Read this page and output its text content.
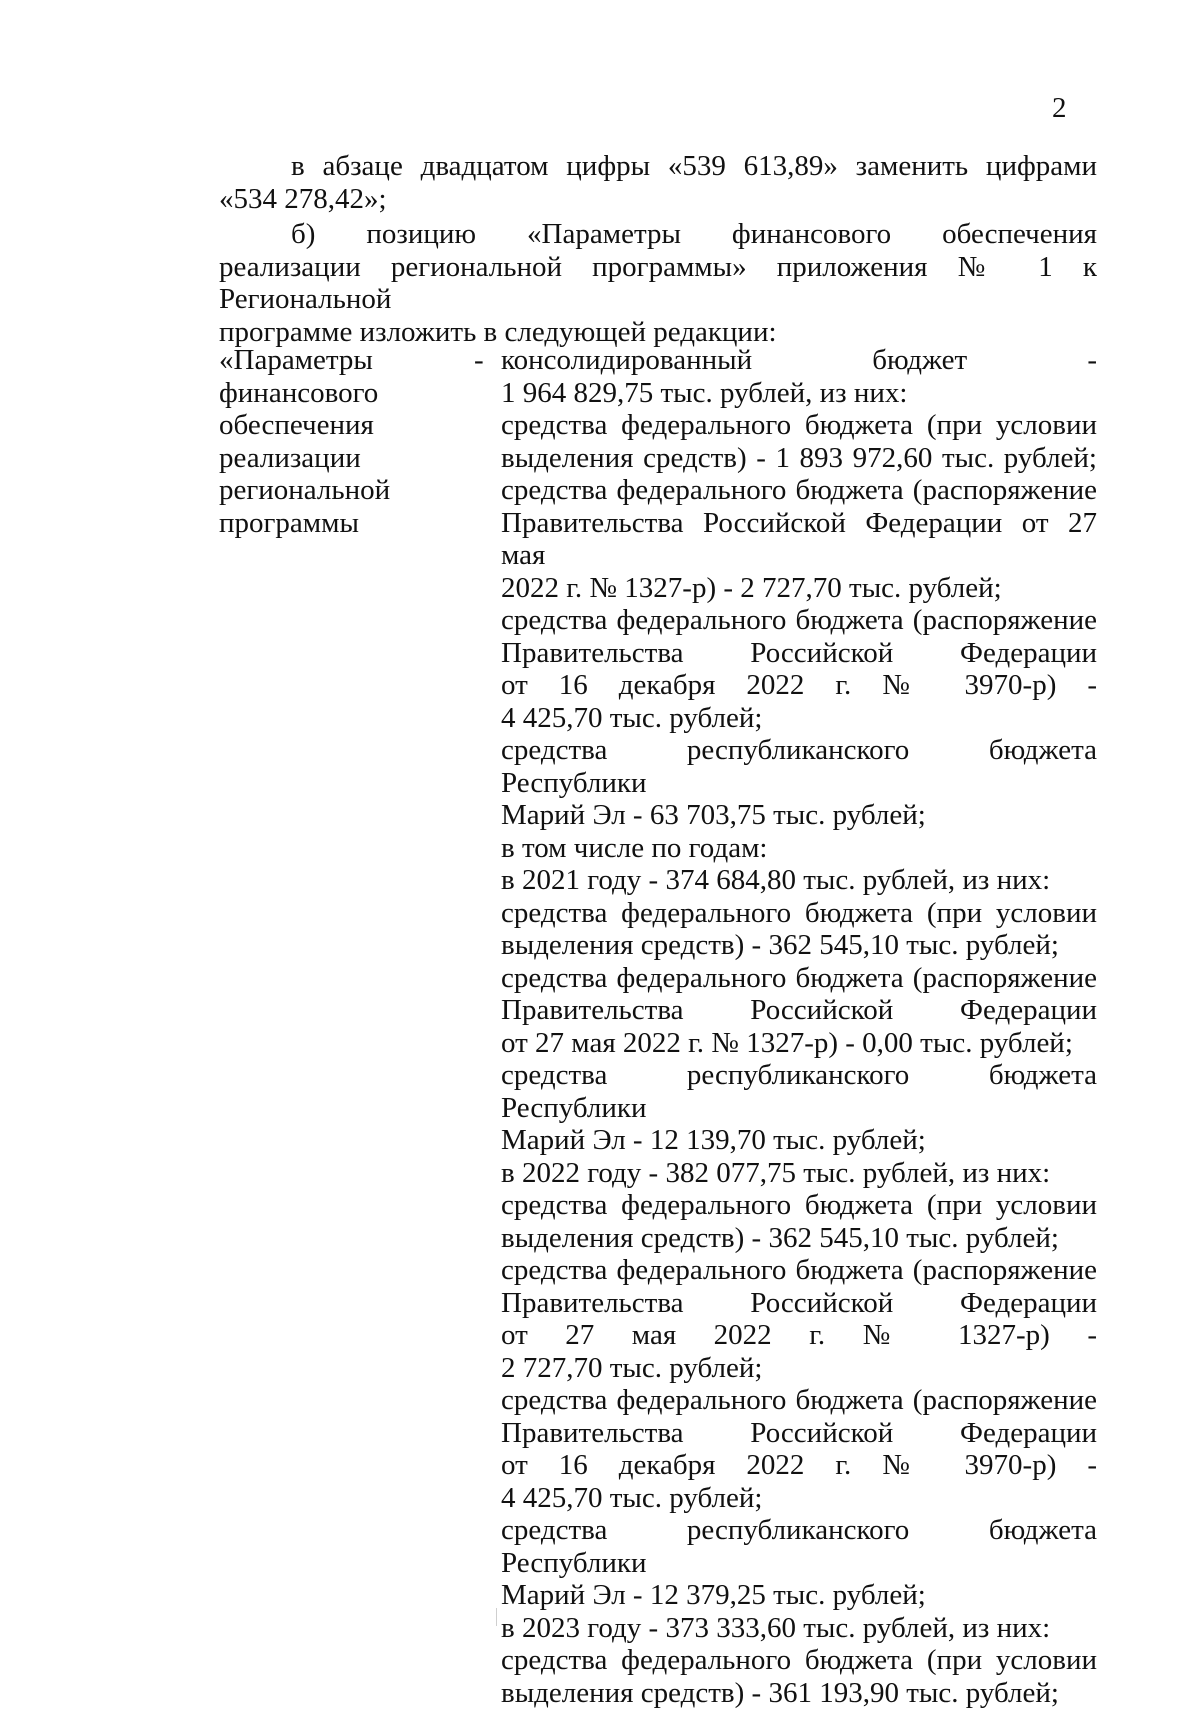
2
в абзаце двадцатом цифры «539 613,89» заменить цифрами
«534 278,42»;
б) позицию «Параметры финансового обеспечения
реализации региональной программы» приложения № 1 к Региональной
программе изложить в следующей редакции:
«Параметры
финансового
обеспечения
реализации
региональной
программы
- консолидированный бюджет -
1 964 829,75 тыс. рублей, из них:
средства федерального бюджета (при условии
выделения средств) - 1 893 972,60 тыс. рублей;
средства федерального бюджета (распоряжение
Правительства Российской Федерации от 27 мая
2022 г. № 1327-р) - 2 727,70 тыс. рублей;
средства федерального бюджета (распоряжение
Правительства Российской Федерации
от 16 декабря 2022 г. № 3970-р) -
4 425,70 тыс. рублей;
средства республиканского бюджета Республики
Марий Эл - 63 703,75 тыс. рублей;
в том числе по годам:
в 2021 году - 374 684,80 тыс. рублей, из них:
средства федерального бюджета (при условии
выделения средств) - 362 545,10 тыс. рублей;
средства федерального бюджета (распоряжение
Правительства Российской Федерации
от 27 мая 2022 г. № 1327-р) - 0,00 тыс. рублей;
средства республиканского бюджета Республики
Марий Эл - 12 139,70 тыс. рублей;
в 2022 году - 382 077,75 тыс. рублей, из них:
средства федерального бюджета (при условии
выделения средств) - 362 545,10 тыс. рублей;
средства федерального бюджета (распоряжение
Правительства Российской Федерации
от 27 мая 2022 г. № 1327-р) -
2 727,70 тыс. рублей;
средства федерального бюджета (распоряжение
Правительства Российской Федерации
от 16 декабря 2022 г. № 3970-р) -
4 425,70 тыс. рублей;
средства республиканского бюджета Республики
Марий Эл - 12 379,25 тыс. рублей;
в 2023 году - 373 333,60 тыс. рублей, из них:
средства федерального бюджета (при условии
выделения средств) - 361 193,90 тыс. рублей;
